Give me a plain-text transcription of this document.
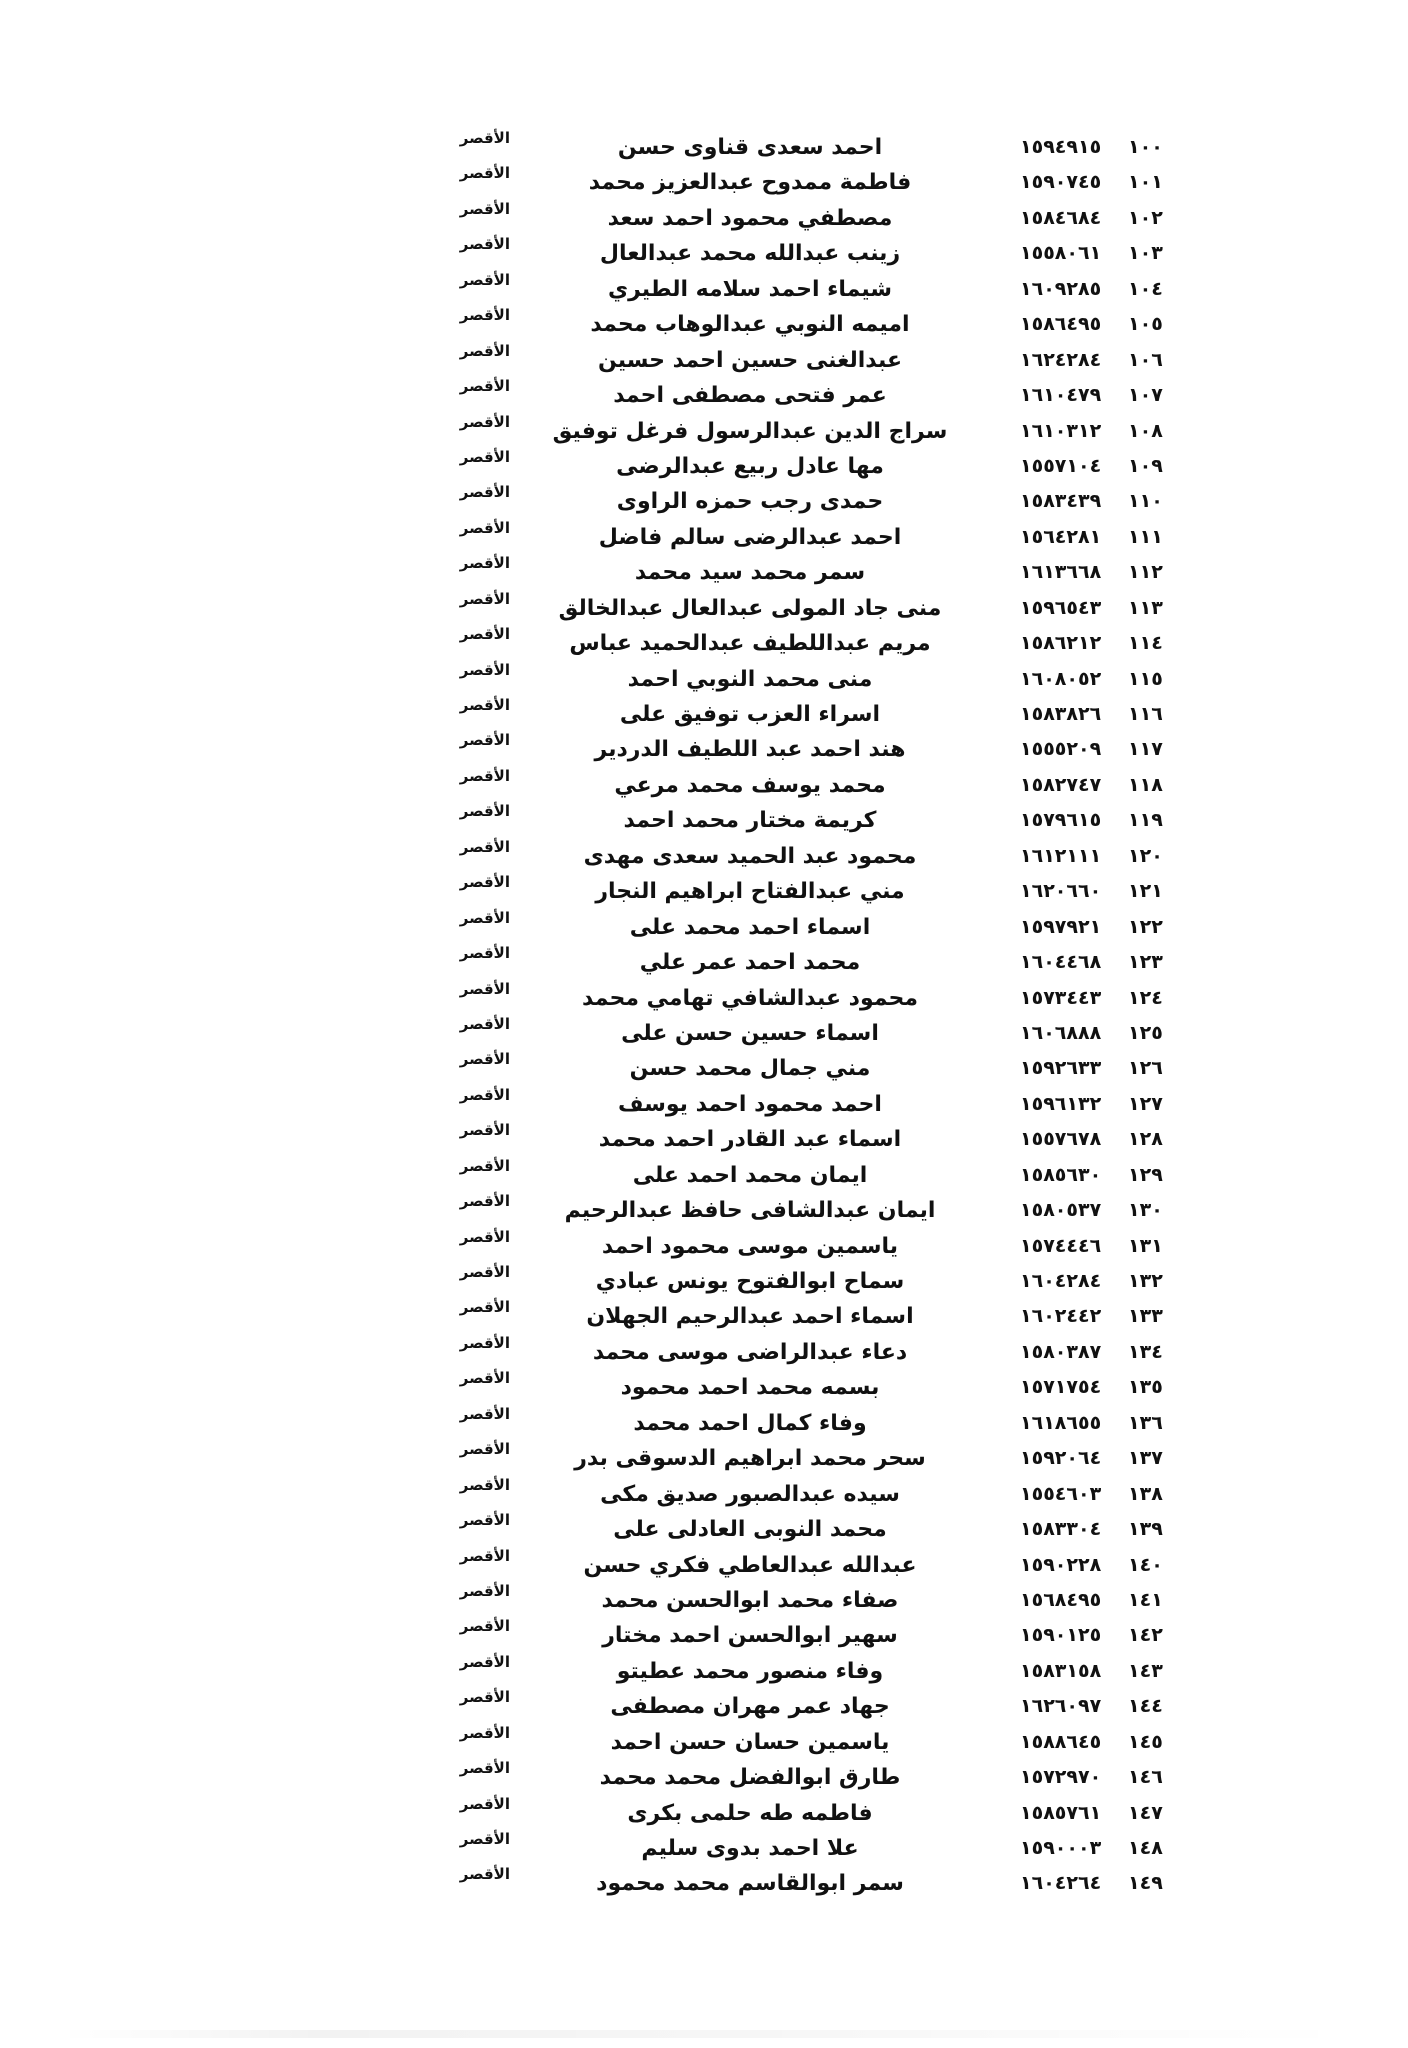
١٠٠
١٥٩٤٩١٥
احمد سعدى قناوى حسن
الأقصر
١٠١
١٥٩٠٧٤٥
فاطمة ممدوح عبدالعزيز محمد
الأقصر
١٠٢
١٥٨٤٦٨٤
مصطفي محمود احمد سعد
الأقصر
١٠٣
١٥٥٨٠٦١
زينب عبدالله محمد عبدالعال
الأقصر
١٠٤
١٦٠٩٢٨٥
شيماء احمد سلامه الطيري
الأقصر
١٠٥
١٥٨٦٤٩٥
اميمه النوبي عبدالوهاب محمد
الأقصر
١٠٦
١٦٢٤٢٨٤
عبدالغنى حسين احمد حسين
الأقصر
١٠٧
١٦١٠٤٧٩
عمر فتحى مصطفى احمد
الأقصر
١٠٨
١٦١٠٣١٢
سراج الدين عبدالرسول فرغل توفيق
الأقصر
١٠٩
١٥٥٧١٠٤
مها عادل ربيع عبدالرضى
الأقصر
١١٠
١٥٨٣٤٣٩
حمدى رجب حمزه الراوى
الأقصر
١١١
١٥٦٤٢٨١
احمد عبدالرضى سالم فاضل
الأقصر
١١٢
١٦١٣٦٦٨
سمر محمد سيد محمد
الأقصر
١١٣
١٥٩٦٥٤٣
منى جاد المولى عبدالعال عبدالخالق
الأقصر
١١٤
١٥٨٦٢١٢
مريم عبداللطيف عبدالحميد عباس
الأقصر
١١٥
١٦٠٨٠٥٢
منى محمد النوبي احمد
الأقصر
١١٦
١٥٨٣٨٢٦
اسراء العزب توفيق على
الأقصر
١١٧
١٥٥٥٢٠٩
هند احمد عبد اللطيف الدردير
الأقصر
١١٨
١٥٨٢٧٤٧
محمد يوسف محمد مرعي
الأقصر
١١٩
١٥٧٩٦١٥
كريمة مختار محمد احمد
الأقصر
١٢٠
١٦١٢١١١
محمود عبد الحميد سعدى مهدى
الأقصر
١٢١
١٦٢٠٦٦٠
مني عبدالفتاح ابراهيم النجار
الأقصر
١٢٢
١٥٩٧٩٢١
اسماء احمد محمد على
الأقصر
١٢٣
١٦٠٤٤٦٨
محمد احمد عمر علي
الأقصر
١٢٤
١٥٧٣٤٤٣
محمود عبدالشافي تهامي محمد
الأقصر
١٢٥
١٦٠٦٨٨٨
اسماء حسين حسن على
الأقصر
١٢٦
١٥٩٢٦٣٣
مني جمال محمد حسن
الأقصر
١٢٧
١٥٩٦١٣٢
احمد محمود احمد يوسف
الأقصر
١٢٨
١٥٥٧٦٧٨
اسماء عبد القادر احمد محمد
الأقصر
١٢٩
١٥٨٥٦٣٠
ايمان محمد احمد على
الأقصر
١٣٠
١٥٨٠٥٣٧
ايمان عبدالشافى حافظ عبدالرحيم
الأقصر
١٣١
١٥٧٤٤٤٦
ياسمين موسى محمود احمد
الأقصر
١٣٢
١٦٠٤٢٨٤
سماح ابوالفتوح يونس عبادي
الأقصر
١٣٣
١٦٠٢٤٤٢
اسماء احمد عبدالرحيم الجهلان
الأقصر
١٣٤
١٥٨٠٣٨٧
دعاء عبدالراضى موسى محمد
الأقصر
١٣٥
١٥٧١٧٥٤
بسمه محمد احمد محمود
الأقصر
١٣٦
١٦١٨٦٥٥
وفاء كمال احمد محمد
الأقصر
١٣٧
١٥٩٢٠٦٤
سحر محمد ابراهيم الدسوقى بدر
الأقصر
١٣٨
١٥٥٤٦٠٣
سيده عبدالصبور صديق مكى
الأقصر
١٣٩
١٥٨٣٣٠٤
محمد النوبى العادلى على
الأقصر
١٤٠
١٥٩٠٢٢٨
عبدالله عبدالعاطي فكري حسن
الأقصر
١٤١
١٥٦٨٤٩٥
صفاء محمد ابوالحسن محمد
الأقصر
١٤٢
١٥٩٠١٢٥
سهير ابوالحسن احمد مختار
الأقصر
١٤٣
١٥٨٣١٥٨
وفاء منصور محمد عطيتو
الأقصر
١٤٤
١٦٢٦٠٩٧
جهاد عمر مهران مصطفى
الأقصر
١٤٥
١٥٨٨٦٤٥
ياسمين حسان حسن احمد
الأقصر
١٤٦
١٥٧٢٩٧٠
طارق ابوالفضل محمد محمد
الأقصر
١٤٧
١٥٨٥٧٦١
فاطمه طه حلمى بكرى
الأقصر
١٤٨
١٥٩٠٠٠٣
علا احمد بدوى سليم
الأقصر
١٤٩
١٦٠٤٢٦٤
سمر ابوالقاسم محمد محمود
الأقصر
